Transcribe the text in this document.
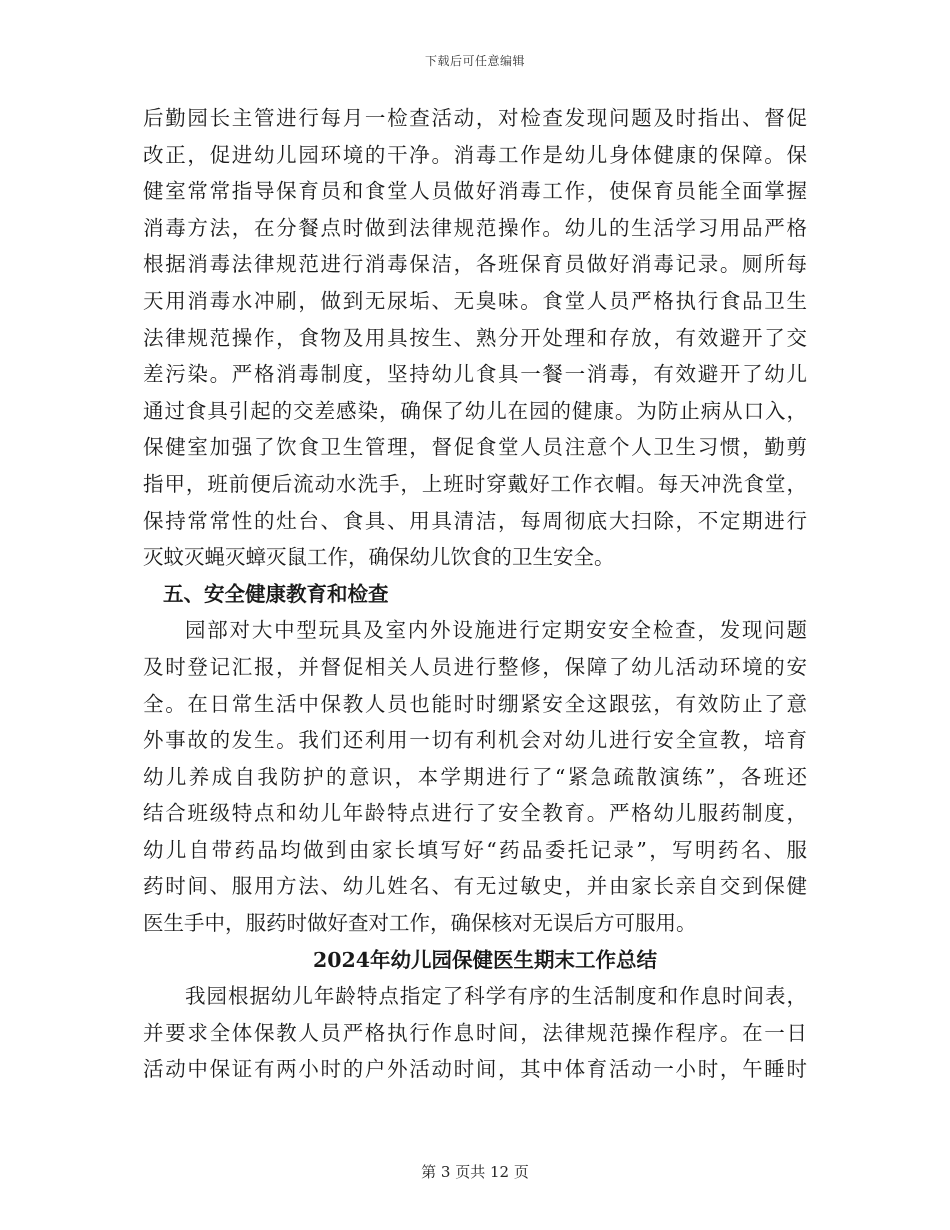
下载后可任意编辑
后勤园长主管进行每月一检查活动，对检查发现问题及时指出、督促
改正，促进幼儿园环境的干净。消毒工作是幼儿身体健康的保障。保
健室常常指导保育员和食堂人员做好消毒工作，使保育员能全面掌握
消毒方法，在分餐点时做到法律规范操作。幼儿的生活学习用品严格
根据消毒法律规范进行消毒保洁，各班保育员做好消毒记录。厕所每
天用消毒水冲刷，做到无尿垢、无臭味。食堂人员严格执行食品卫生
法律规范操作，食物及用具按生、熟分开处理和存放，有效避开了交
差污染。严格消毒制度，坚持幼儿食具一餐一消毒，有效避开了幼儿
通过食具引起的交差感染，确保了幼儿在园的健康。为防止病从口入，
保健室加强了饮食卫生管理，督促食堂人员注意个人卫生习惯，勤剪
指甲，班前便后流动水洗手，上班时穿戴好工作衣帽。每天冲洗食堂，
保持常常性的灶台、食具、用具清洁，每周彻底大扫除，不定期进行
灭蚊灭蝇灭蟑灭鼠工作，确保幼儿饮食的卫生安全。
五、安全健康教育和检查
园部对大中型玩具及室内外设施进行定期安安全检查，发现问题
及时登记汇报，并督促相关人员进行整修，保障了幼儿活动环境的安
全。在日常生活中保教人员也能时时绷紧安全这跟弦，有效防止了意
外事故的发生。我们还利用一切有利机会对幼儿进行安全宣教，培育
幼儿养成自我防护的意识，本学期进行了“紧急疏散演练”，各班还
结合班级特点和幼儿年龄特点进行了安全教育。严格幼儿服药制度，
幼儿自带药品均做到由家长填写好“药品委托记录”，写明药名、服
药时间、服用方法、幼儿姓名、有无过敏史，并由家长亲自交到保健
医生手中，服药时做好查对工作，确保核对无误后方可服用。
2024年幼儿园保健医生期末工作总结
我园根据幼儿年龄特点指定了科学有序的生活制度和作息时间表，
并要求全体保教人员严格执行作息时间，法律规范操作程序。在一日
活动中保证有两小时的户外活动时间，其中体育活动一小时，午睡时
第 3 页共 12 页
